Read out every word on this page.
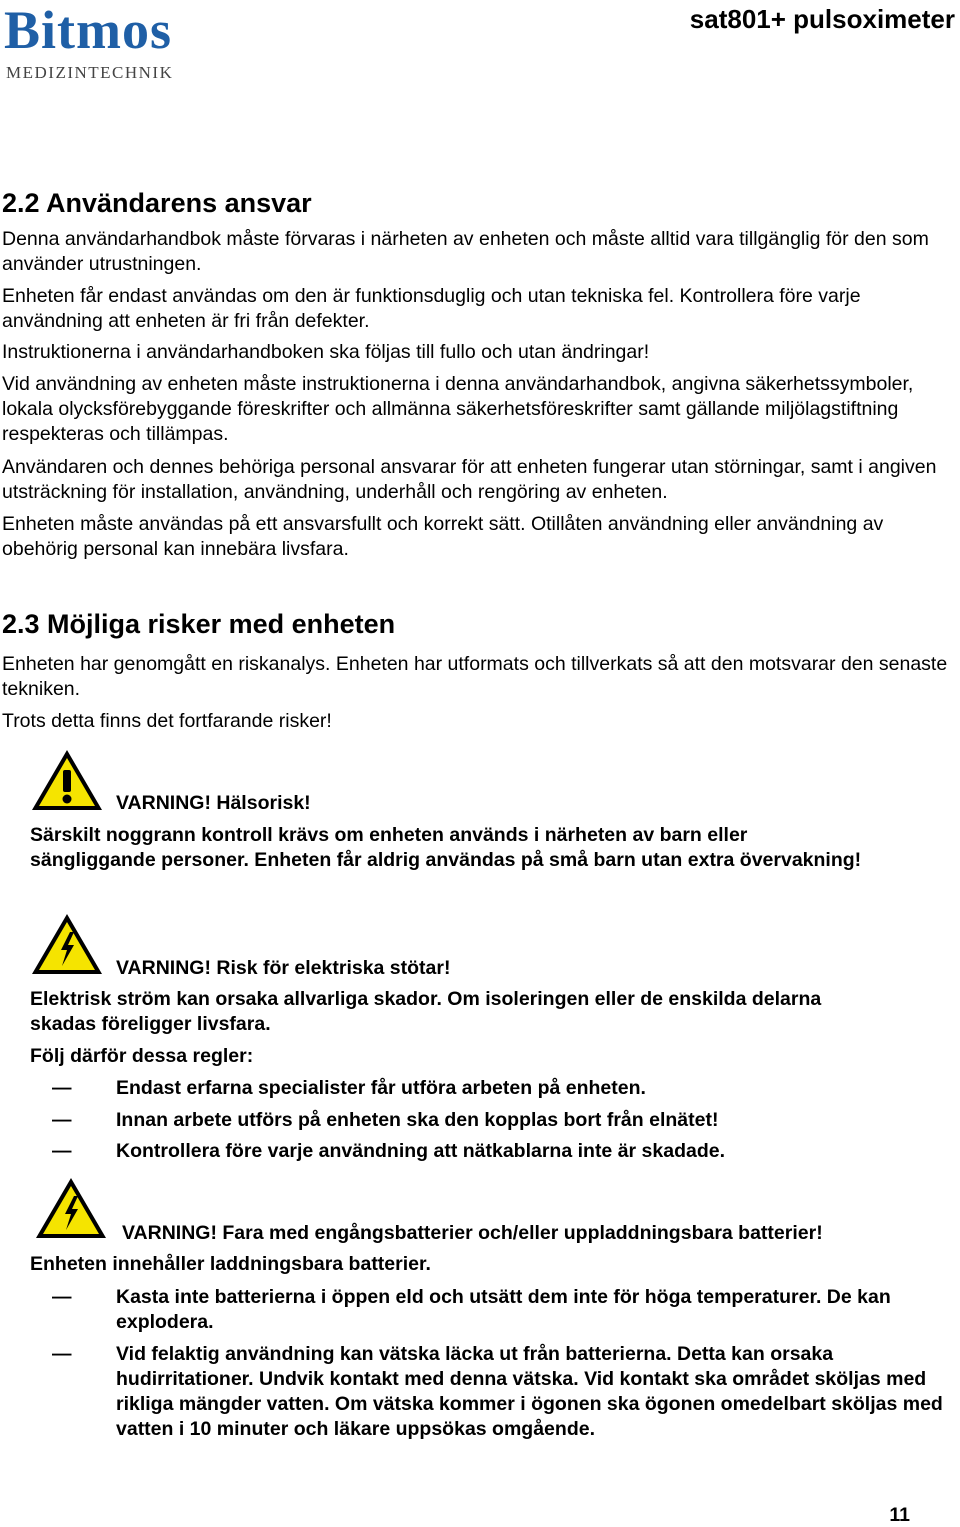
Bitmos
MEDIZINTECHNIK
sat801+ pulsoximeter
2.2 Användarens ansvar

Denna användarhandbok måste förvaras i närheten av enheten och måste alltid vara tillgänglig för den som använder utrustningen.

Enheten får endast användas om den är funktionsduglig och utan tekniska fel. Kontrollera före varje användning att enheten är fri från defekter.

Instruktionerna i användarhandboken ska följas till fullo och utan ändringar!

Vid användning av enheten måste instruktionerna i denna användarhandbok, angivna säkerhetssymboler, lokala olycksförebyggande föreskrifter och allmänna säkerhetsföreskrifter samt gällande miljölagstiftning respekteras och tillämpas.

Användaren och dennes behöriga personal ansvarar för att enheten fungerar utan störningar, samt i angiven utsträckning för installation, användning, underhåll och rengöring av enheten.

Enheten måste användas på ett ansvarsfullt och korrekt sätt. Otillåten användning eller användning av obehörig personal kan innebära livsfara.

2.3 Möjliga risker med enheten

Enheten har genomgått en riskanalys. Enheten har utformats och tillverkats så att den motsvarar den senaste tekniken.

Trots detta finns det fortfarande risker!

VARNING! Hälsorisk!

Särskilt noggrann kontroll krävs om enheten används i närheten av barn eller sängliggande personer. Enheten får aldrig användas på små barn utan extra övervakning!

VARNING! Risk för elektriska stötar!

Elektrisk ström kan orsaka allvarliga skador. Om isoleringen eller de enskilda delarna skadas föreligger livsfara.

Följ därför dessa regler:
— Endast erfarna specialister får utföra arbeten på enheten.

— Innan arbete utförs på enheten ska den kopplas bort från elnätet!

— Kontrollera före varje användning att nätkablarna inte är skadade.

VARNING! Fara med engångsbatterier och/eller uppladdningsbara batterier!
Enheten innehåller laddningsbara batterier.
— Kasta inte batterierna i öppen eld och utsätt dem inte för höga temperaturer. De kan explodera.

— Vid felaktig användning kan vätska läcka ut från batterierna. Detta kan orsaka hudirritationer. Undvik kontakt med denna vätska. Vid kontakt ska området sköljas med rikliga mängder vatten. Om vätska kommer i ögonen ska ögonen omedelbart sköljas med vatten i 10 minuter och läkare uppsökas omgående.

11
